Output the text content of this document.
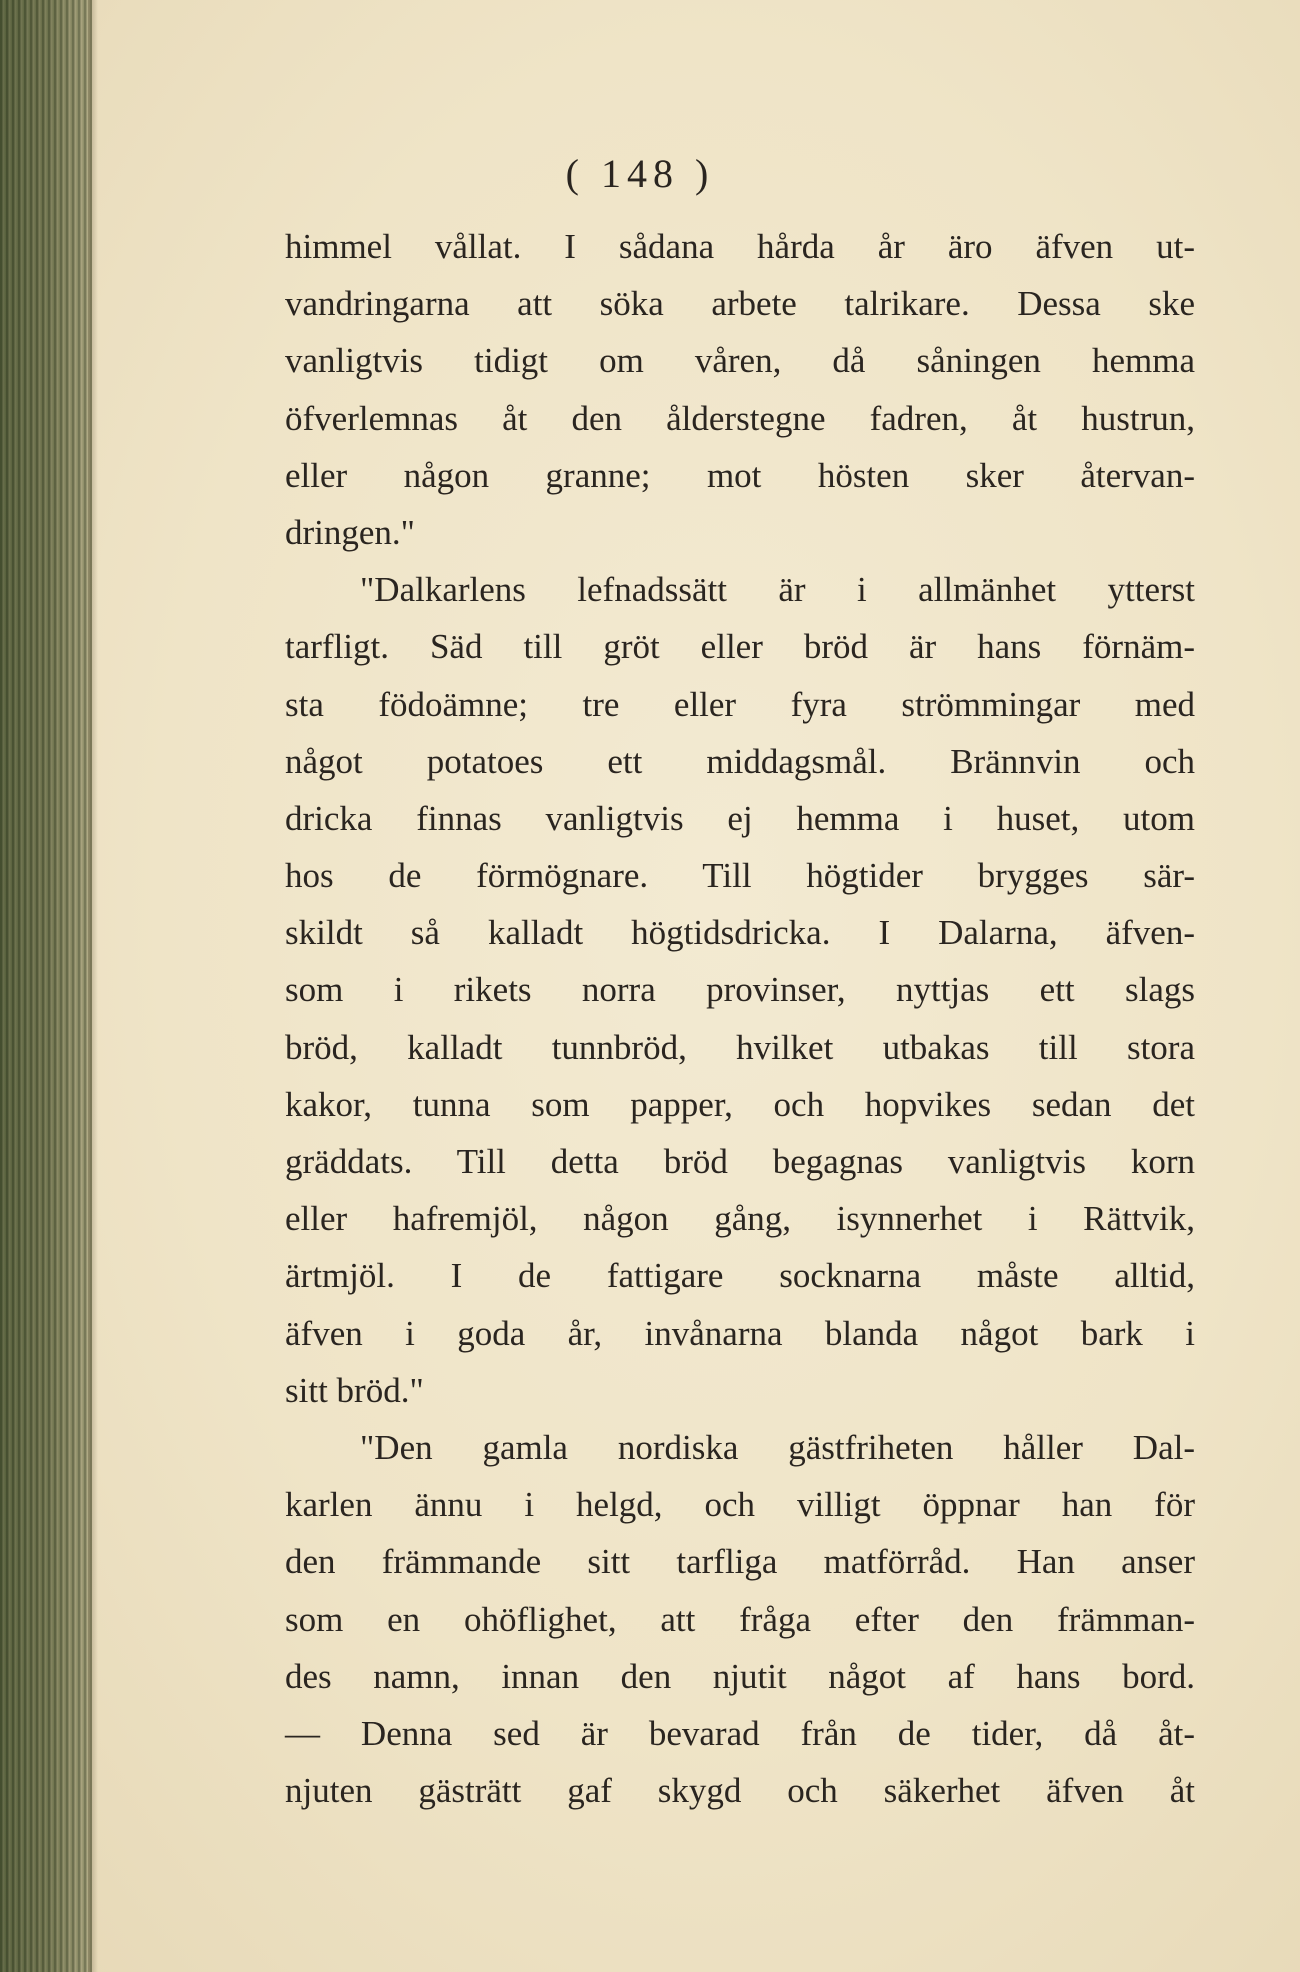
( 148 )
himmel vållat. I sådana hårda år äro äfven ut-
vandringarna att söka arbete talrikare. Dessa ske
vanligtvis tidigt om våren, då såningen hemma
öfverlemnas åt den ålderstegne fadren, åt hustrun,
eller någon granne; mot hösten sker återvan-
dringen."
"Dalkarlens lefnadssätt är i allmänhet ytterst
tarfligt. Säd till gröt eller bröd är hans förnäm-
sta födoämne; tre eller fyra strömmingar med
något potatoes ett middagsmål. Brännvin och
dricka finnas vanligtvis ej hemma i huset, utom
hos de förmögnare. Till högtider brygges sär-
skildt så kalladt högtidsdricka. I Dalarna, äfven-
som i rikets norra provinser, nyttjas ett slags
bröd, kalladt tunnbröd, hvilket utbakas till stora
kakor, tunna som papper, och hopvikes sedan det
gräddats. Till detta bröd begagnas vanligtvis korn
eller hafremjöl, någon gång, isynnerhet i Rättvik,
ärtmjöl. I de fattigare socknarna måste alltid,
äfven i goda år, invånarna blanda något bark i
sitt bröd."
"Den gamla nordiska gästfriheten håller Dal-
karlen ännu i helgd, och villigt öppnar han för
den främmande sitt tarfliga matförråd. Han anser
som en ohöflighet, att fråga efter den främman-
des namn, innan den njutit något af hans bord.
— Denna sed är bevarad från de tider, då åt-
njuten gästrätt gaf skygd och säkerhet äfven åt
